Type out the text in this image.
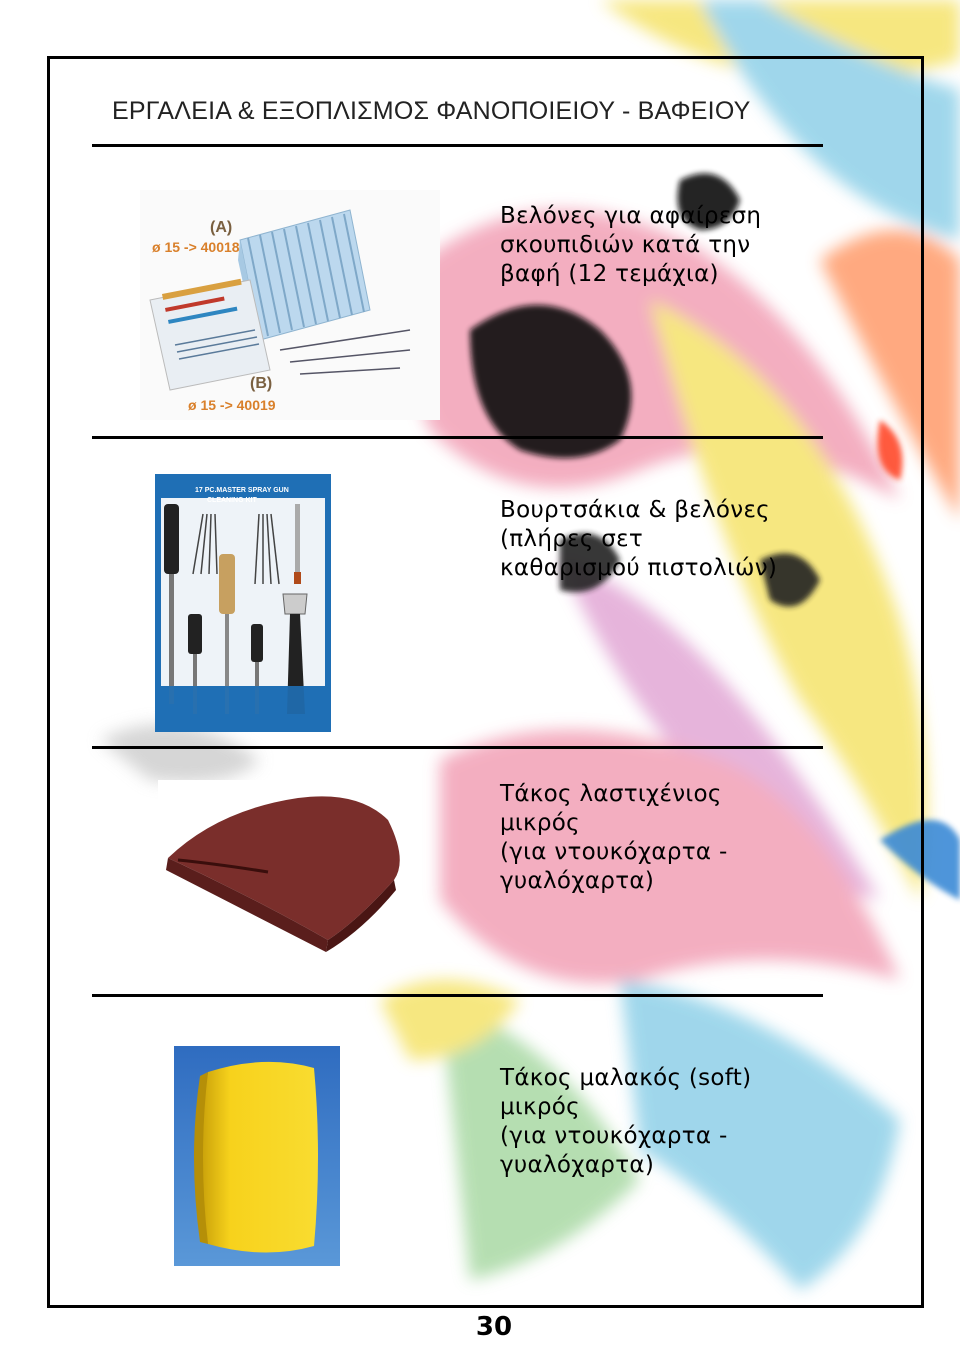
ΕΡΓΑΛΕΙΑ & ΕΞΟΠΛΙΣΜΟΣ ΦΑΝΟΠΟΙΕΙΟΥ - ΒΑΦΕΙΟΥ
(A)
ø 15 -> 40018
(B)
ø 15 -> 40019
Βελόνες για αφαίρεση
σκουπιδιών κατά την
βαφή (12 τεμάχια)
17 PC.MASTER SPRAY GUN
CLEANING KIT	Βουρτσάκια & βελόνες
(πλήρες σετ
καθαρισμού πιστολιών)
Τάκος λαστιχένιος
μικρός
(για ντουκόχαρτα -
γυαλόχαρτα)
Τάκος μαλακός (soft)
μικρός
(για ντουκόχαρτα -
γυαλόχαρτα)
30
